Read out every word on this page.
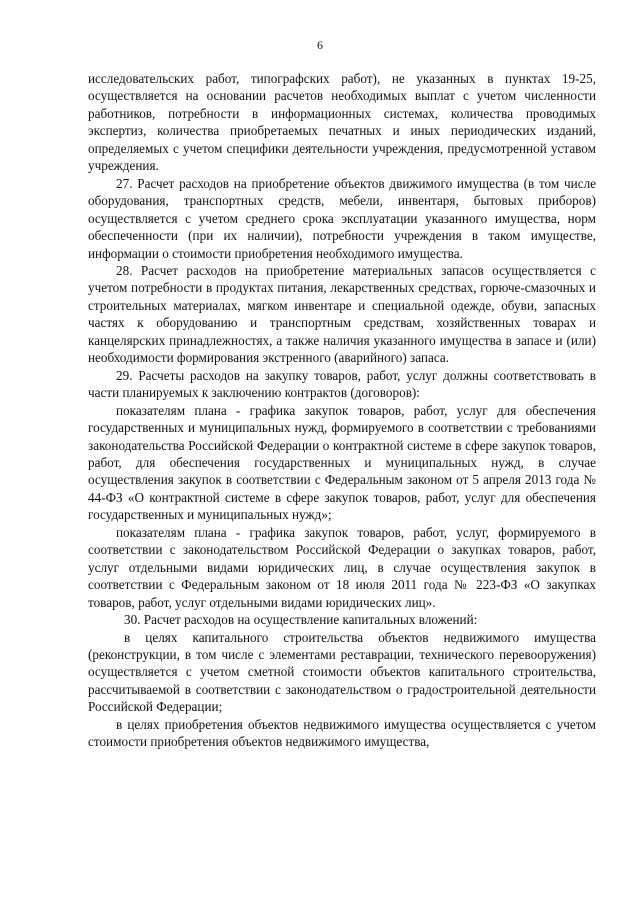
6

исследовательских работ, типографских работ), не указанных в пунктах 19-25, осуществляется на основании расчетов необходимых выплат с учетом численности работников, потребности в информационных системах, количества проводимых экспертиз, количества приобретаемых печатных и иных периодических изданий, определяемых с учетом специфики деятельности учреждения, предусмотренной уставом учреждения.

27. Расчет расходов на приобретение объектов движимого имущества (в том числе оборудования, транспортных средств, мебели, инвентаря, бытовых приборов) осуществляется с учетом среднего срока эксплуатации указанного имущества, норм обеспеченности (при их наличии), потребности учреждения в таком имуществе, информации о стоимости приобретения необходимого имущества.

28. Расчет расходов на приобретение материальных запасов осуществляется с учетом потребности в продуктах питания, лекарственных средствах, горюче-смазочных и строительных материалах, мягком инвентаре и специальной одежде, обуви, запасных частях к оборудованию и транспортным средствам, хозяйственных товарах и канцелярских принадлежностях, а также наличия указанного имущества в запасе и (или) необходимости формирования экстренного (аварийного) запаса.

29. Расчеты расходов на закупку товаров, работ, услуг должны соответствовать в части планируемых к заключению контрактов (договоров):

показателям плана - графика закупок товаров, работ, услуг для обеспечения государственных и муниципальных нужд, формируемого в соответствии с требованиями законодательства Российской Федерации о контрактной системе в сфере закупок товаров, работ, для обеспечения государственных и муниципальных нужд, в случае осуществления закупок в соответствии с Федеральным законом от 5 апреля 2013 года № 44-ФЗ «О контрактной системе в сфере закупок товаров, работ, услуг для обеспечения государственных и муниципальных нужд»;

показателям плана - графика закупок товаров, работ, услуг, формируемого в соответствии с законодательством Российской Федерации о закупках товаров, работ, услуг отдельными видами юридических лиц, в случае осуществления закупок в соответствии с Федеральным законом от 18 июля 2011 года № 223-ФЗ «О закупках товаров, работ, услуг отдельными видами юридических лиц».

30. Расчет расходов на осуществление капитальных вложений:

в целях капитального строительства объектов недвижимого имущества (реконструкции, в том числе с элементами реставрации, технического перевооружения) осуществляется с учетом сметной стоимости объектов капитального строительства, рассчитываемой в соответствии с законодательством о градостроительной деятельности Российской Федерации;

в целях приобретения объектов недвижимого имущества осуществляется с учетом стоимости приобретения объектов недвижимого имущества,
